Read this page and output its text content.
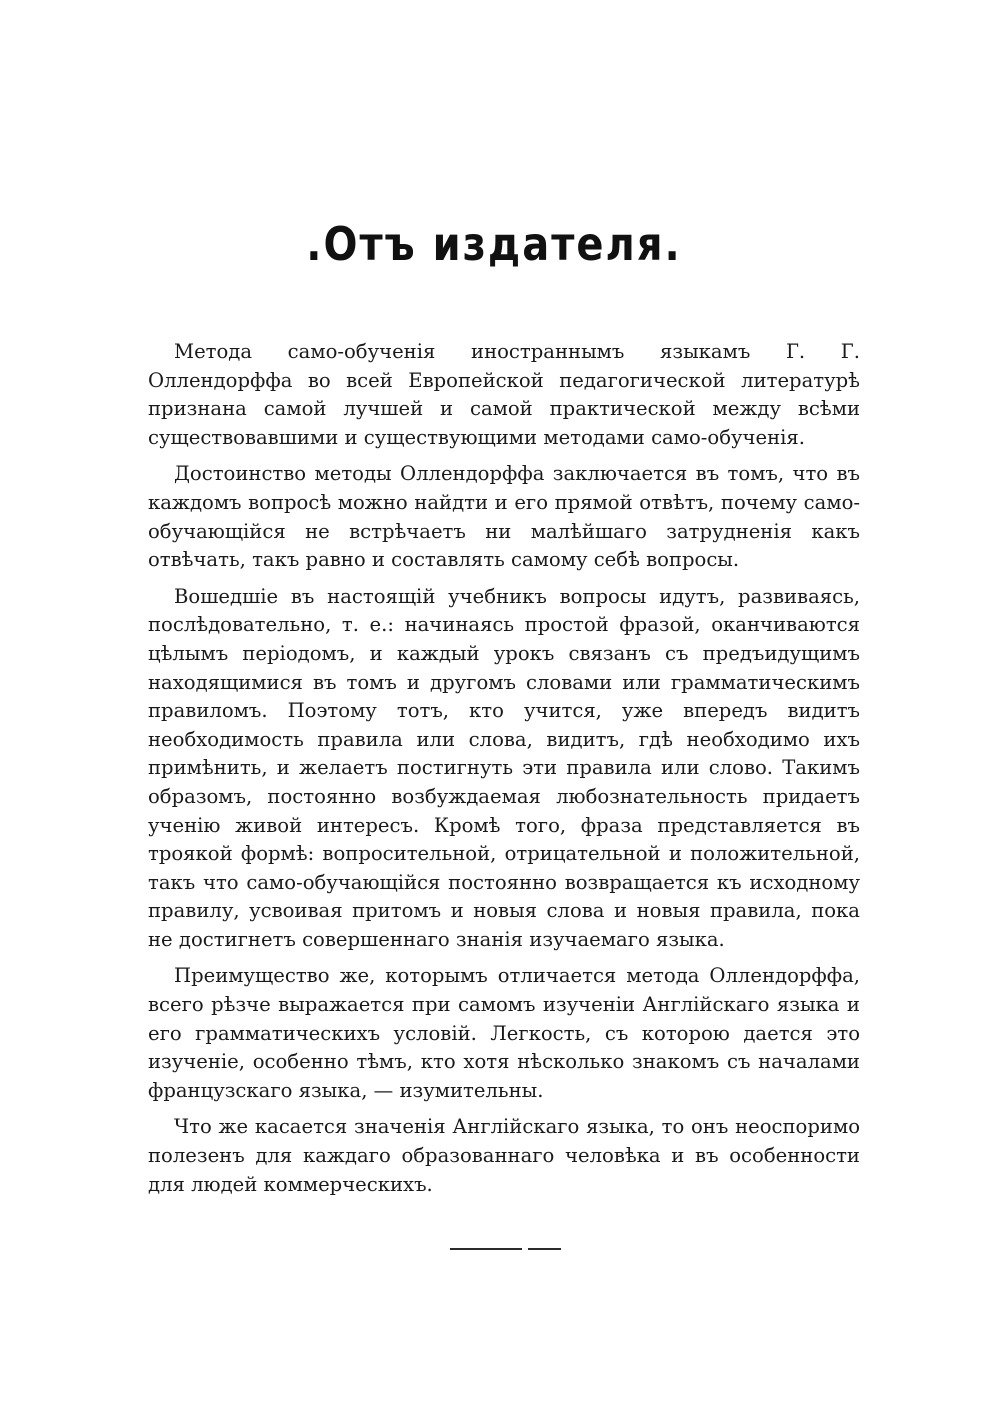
.Отъ издателя.

Метода само-обученія иностраннымъ языкамъ Г. Г. Оллендорффа во всей Европейской педагогической литературѣ признана самой лучшей и самой практической между всѣми существовавшими и существующими методами само-обученія.

Достоинство методы Оллендорффа заключается въ томъ, что въ каждомъ вопросѣ можно найдти и его прямой отвѣтъ, почему само-обучающійся не встрѣчаетъ ни малѣйшаго затрудненія какъ отвѣчать, такъ равно и составлять самому себѣ вопросы.

Вошедшіе въ настоящій учебникъ вопросы идутъ, развиваясь, послѣдовательно, т. е.: начинаясь простой фразой, оканчиваются цѣлымъ періодомъ, и каждый урокъ связанъ съ предъидущимъ находящимися въ томъ и другомъ словами или грамматическимъ правиломъ. Поэтому тотъ, кто учится, уже впередъ видитъ необходимость правила или слова, видитъ, гдѣ необходимо ихъ примѣнить, и желаетъ постигнуть эти правила или слово. Такимъ образомъ, постоянно возбуждаемая любознательность придаетъ ученію живой интересъ. Кромѣ того, фраза представляется въ троякой формѣ: вопросительной, отрицательной и положительной, такъ что само-обучающійся постоянно возвращается къ исходному правилу, усвоивая притомъ и новыя слова и новыя правила, пока не достигнетъ совершеннаго знанія изучаемаго языка.

Преимущество же, которымъ отличается метода Оллендорффа, всего рѣзче выражается при самомъ изученіи Англійскаго языка и его грамматическихъ условій. Легкость, съ которою дается это изученіе, особенно тѣмъ, кто хотя нѣсколько знакомъ съ началами французскаго языка, — изумительны.

Что же касается значенія Англійскаго языка, то онъ неоспоримо полезенъ для каждаго образованнаго человѣка и въ особенности для людей коммерческихъ.
